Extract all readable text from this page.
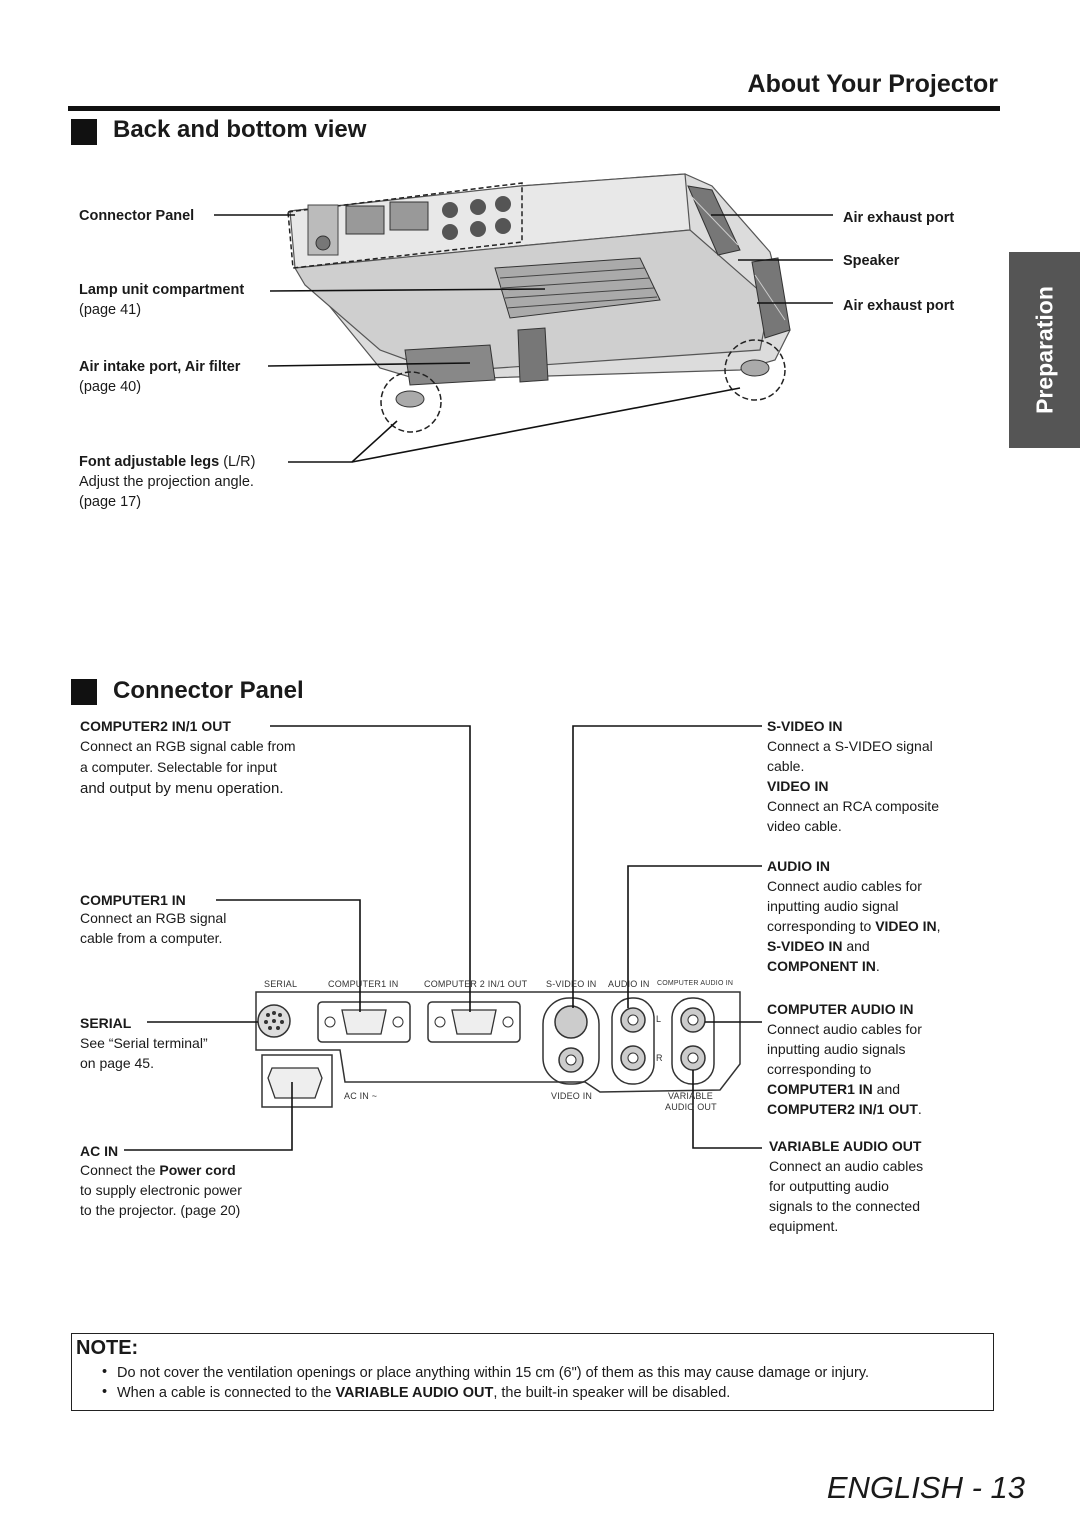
About Your Projector
Preparation
Back and bottom view
Connector Panel
Lamp unit compartment
(page 41)
Air intake port, Air filter
(page 40)
Font adjustable legs (L/R)
Adjust the projection angle.
(page 17)
Air exhaust port
Speaker
Air exhaust port
Connector Panel
SERIAL	COMPUTER1 IN	COMPUTER 2 IN/1 OUT S-VIDEO IN AUDIO IN COMPUTER AUDIO IN
AC IN ~	VIDEO IN
L
R
VARIABLE
AUDIO OUT
COMPUTER2 IN/1 OUT
Connect an RGB signal cable from
a computer. Selectable for input
and output by menu operation.
COMPUTER1 IN
Connect an RGB signal
cable from a computer.
SERIAL
See “Serial terminal”
on page 45.
AC IN
Connect the Power cord
to supply electronic power
to the projector. (page 20)
S-VIDEO IN
Connect a S-VIDEO signal
cable.
VIDEO IN
Connect an RCA composite
video cable.
AUDIO IN
Connect audio cables for
inputting audio signal
corresponding to VIDEO IN,
S-VIDEO IN and
COMPONENT IN.
COMPUTER AUDIO IN
Connect audio cables for
inputting audio signals
corresponding to
COMPUTER1 IN and
COMPUTER2 IN/1 OUT.
VARIABLE AUDIO OUT
Connect an audio cables
for outputting audio
signals to the connected
equipment.
NOTE:
• Do not cover the ventilation openings or place anything within 15 cm (6") of them as this may cause damage or injury.
• When a cable is connected to the VARIABLE AUDIO OUT, the built-in speaker will be disabled.
ENGLISH - 13
